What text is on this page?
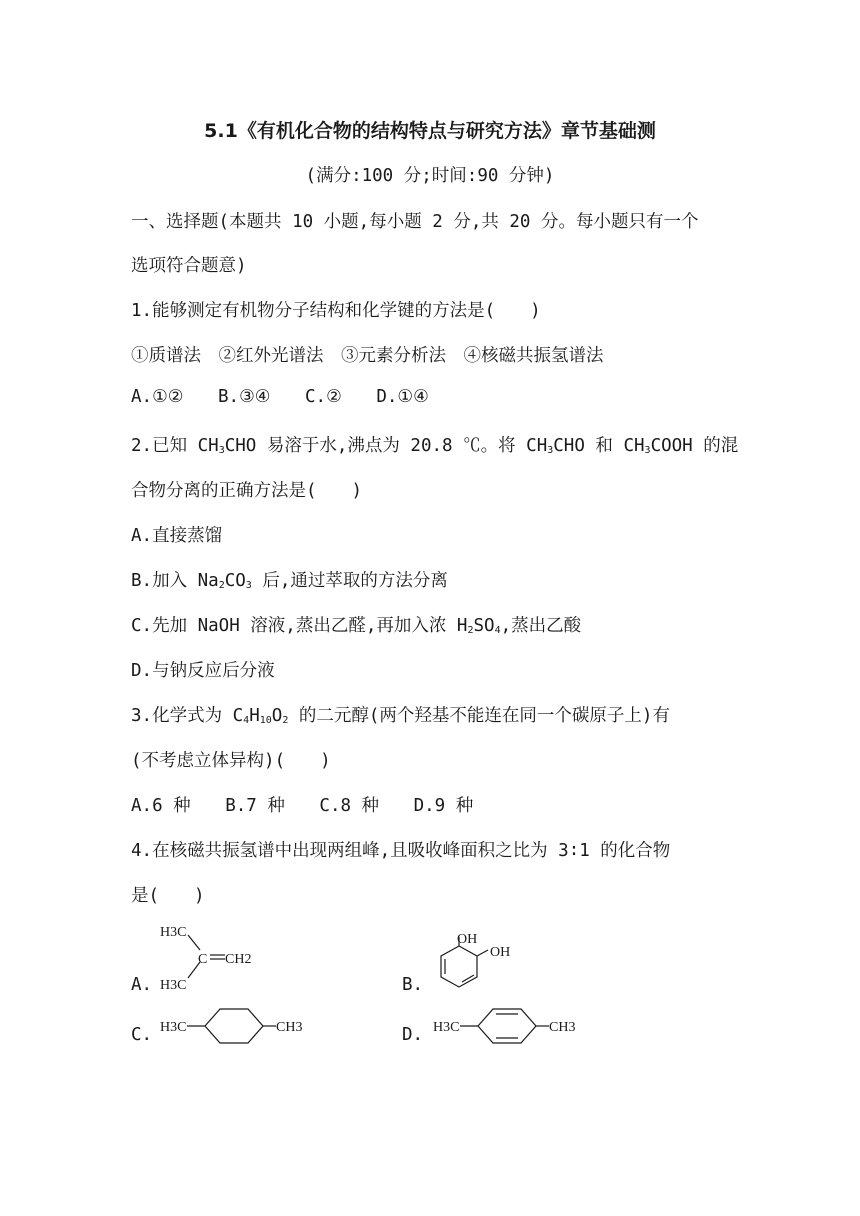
5.1《有机化合物的结构特点与研究方法》章节基础测
(满分:100 分;时间:90 分钟)
一、选择题(本题共 10 小题,每小题 2 分,共 20 分。每小题只有一个
选项符合题意)
1.能够测定有机物分子结构和化学键的方法是(　　)
①质谱法　②红外光谱法　③元素分析法　④核磁共振氢谱法
A.①② B.③④ C.② D.①④
2.已知 $CH_3CHO$ 易溶于水,沸点为 20.8 ℃。将 $CH_3CHO$ 和 $CH_3COOH$ 的混
合物分离的正确方法是(　　)
A.直接蒸馏
B.加入 $Na_2CO_3$ 后,通过萃取的方法分离
C.先加 NaOH 溶液,蒸出乙醛,再加入浓 $H_2SO_4$,蒸出乙酸
D.与钠反应后分液
3.化学式为 $C_4H_{10}O_2$ 的二元醇(两个羟基不能连在同一个碳原子上)有
(不考虑立体异构)(　　)
A.6 种 B.7 种 C.8 种 D.9 种
4.在核磁共振氢谱中出现两组峰,且吸收峰面积之比为 3∶1 的化合物
是(　　)
A.	B.
C.	D.
H3C
C CH2
H3C
OH
OH
H3C	CH3	H3C	CH3
